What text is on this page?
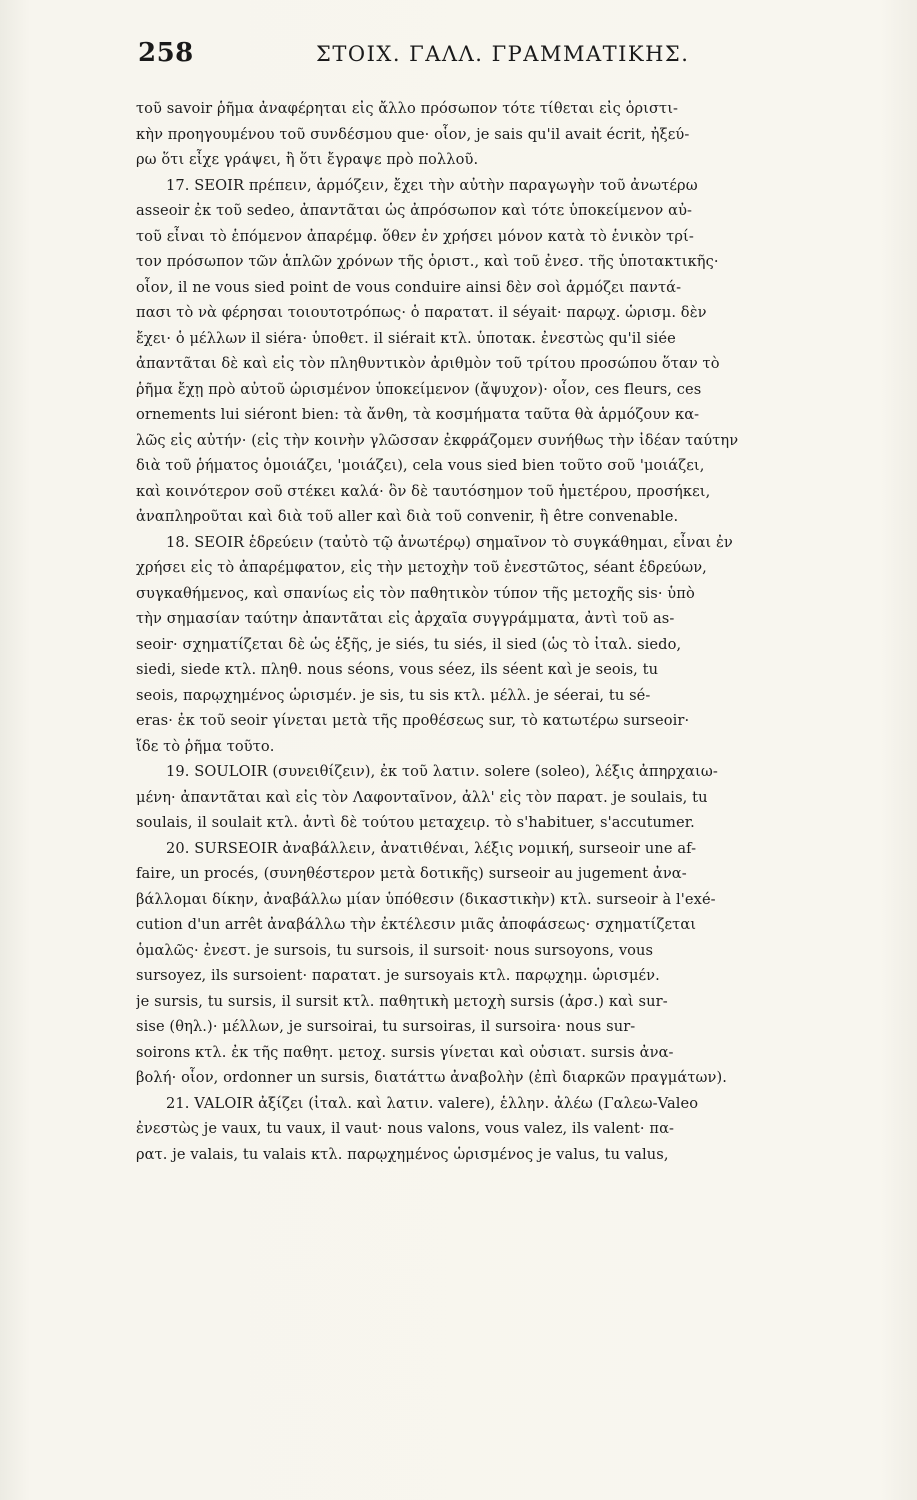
258	ΣΤΟΙΧ. ΓΑΛΛ. ΓΡΑΜΜΑΤΙΚΗΣ.
τοῦ savoir ῥῆμα ἀναφέρηται εἰς ἄλλο πρόσωπον τότε τίθεται εἰς ὁριστι-
κὴν προηγουμένου τοῦ συνδέσμου que· οἷον, je sais qu'il avait écrit, ἠξεύ-
ρω ὅτι εἶχε γράψει, ἢ ὅτι ἔγραψε πρὸ πολλοῦ.
17. SEOIR πρέπειν, ἁρμόζειν, ἔχει τὴν αὐτὴν παραγωγὴν τοῦ ἀνωτέρω
asseoir ἐκ τοῦ sedeo, ἀπαντᾶται ὡς ἀπρόσωπον καὶ τότε ὑποκείμενον αὐ-
τοῦ εἶναι τὸ ἑπόμενον ἀπαρέμφ. ὅθεν ἐν χρήσει μόνον κατὰ τὸ ἑνικὸν τρί-
τον πρόσωπον τῶν ἁπλῶν χρόνων τῆς ὁριστ., καὶ τοῦ ἐνεσ. τῆς ὑποτακτικῆς·
οἷον, il ne vous sied point de vous conduire ainsi δὲν σοὶ ἁρμόζει παντά-
πασι τὸ νὰ φέρησαι τοιουτοτρόπως· ὁ παρατατ. il séyait· παρῳχ. ὡρισμ. δὲν
ἔχει· ὁ μέλλων il siéra· ὑποθετ. il siérait κτλ. ὑποτακ. ἐνεστὼς qu'il siée
ἀπαντᾶται δὲ καὶ εἰς τὸν πληθυντικὸν ἀριθμὸν τοῦ τρίτου προσώπου ὅταν τὸ
ῥῆμα ἔχῃ πρὸ αὐτοῦ ὡρισμένον ὑποκείμενον (ἄψυχον)· οἷον, ces fleurs, ces
ornements lui siéront bien: τὰ ἄνθη, τὰ κοσμήματα ταῦτα θὰ ἁρμόζουν κα-
λῶς εἰς αὐτήν· (εἰς τὴν κοινὴν γλῶσσαν ἐκφράζομεν συνήθως τὴν ἰδέαν ταύτην
διὰ τοῦ ῥήματος ὁμοιάζει, 'μοιάζει), cela vous sied bien τοῦτο σοῦ 'μοιάζει,
καὶ κοινότερον σοῦ στέκει καλά· ὃν δὲ ταυτόσημον τοῦ ἡμετέρου, προσήκει,
ἀναπληροῦται καὶ διὰ τοῦ aller καὶ διὰ τοῦ convenir, ἢ être convenable.
18. SEOIR ἑδρεύειν (ταὐτὸ τῷ ἀνωτέρῳ) σημαῖνον τὸ συγκάθημαι, εἶναι ἐν
χρήσει εἰς τὸ ἀπαρέμφατον, εἰς τὴν μετοχὴν τοῦ ἐνεστῶτος, séant ἑδρεύων,
συγκαθήμενος, καὶ σπανίως εἰς τὸν παθητικὸν τύπον τῆς μετοχῆς sis· ὑπὸ
τὴν σημασίαν ταύτην ἀπαντᾶται εἰς ἀρχαῖα συγγράμματα, ἀντὶ τοῦ as-
seoir· σχηματίζεται δὲ ὡς ἑξῆς, je siés, tu siés, il sied (ὡς τὸ ἰταλ. siedo,
siedi, siede κτλ. πληθ. nous séons, vous séez, ils séent καὶ je seois, tu
seois, παρῳχημένος ὡρισμέν. je sis, tu sis κτλ. μέλλ. je séerai, tu sé-
eras· ἐκ τοῦ seoir γίνεται μετὰ τῆς προθέσεως sur, τὸ κατωτέρω surseoir·
ἴδε τὸ ῥῆμα τοῦτο.
19. SOULOIR (συνειθίζειν), ἐκ τοῦ λατιν. solere (soleo), λέξις ἀπηρχαιω-
μένη· ἀπαντᾶται καὶ εἰς τὸν Λαφονταῖνον, ἀλλ' εἰς τὸν παρατ. je soulais, tu
soulais, il soulait κτλ. ἀντὶ δὲ τούτου μεταχειρ. τὸ s'habituer, s'accutumer.
20. SURSEOIR ἀναβάλλειν, ἀνατιθέναι, λέξις νομική, surseoir une af-
faire, un procés, (συνηθέστερον μετὰ δοτικῆς) surseoir au jugement ἀνα-
βάλλομαι δίκην, ἀναβάλλω μίαν ὑπόθεσιν (δικαστικὴν) κτλ. surseoir à l'exé-
cution d'un arrêt ἀναβάλλω τὴν ἐκτέλεσιν μιᾶς ἀποφάσεως· σχηματίζεται
ὁμαλῶς· ἐνεστ. je sursois, tu sursois, il sursoit· nous sursoyons, vous
sursoyez, ils sursoient· παρατατ. je sursoyais κτλ. παρῳχημ. ὡρισμέν.
je sursis, tu sursis, il sursit κτλ. παθητικὴ μετοχὴ sursis (ἀρσ.) καὶ sur-
sise (θηλ.)· μέλλων, je sursoirai, tu sursoiras, il sursoira· nous sur-
soirons κτλ. ἐκ τῆς παθητ. μετοχ. sursis γίνεται καὶ οὐσιατ. sursis ἀνα-
βολή· οἷον, ordonner un sursis, διατάττω ἀναβολὴν (ἐπὶ διαρκῶν πραγμάτων).
21. VALOIR ἀξίζει (ἰταλ. καὶ λατιν. valere), ἑλλην. ἀλέω (Γαλεω-Valeo
ἐνεστὼς je vaux, tu vaux, il vaut· nous valons, vous valez, ils valent· πα-
ρατ. je valais, tu valais κτλ. παρῳχημένος ὡρισμένος je valus, tu valus,
